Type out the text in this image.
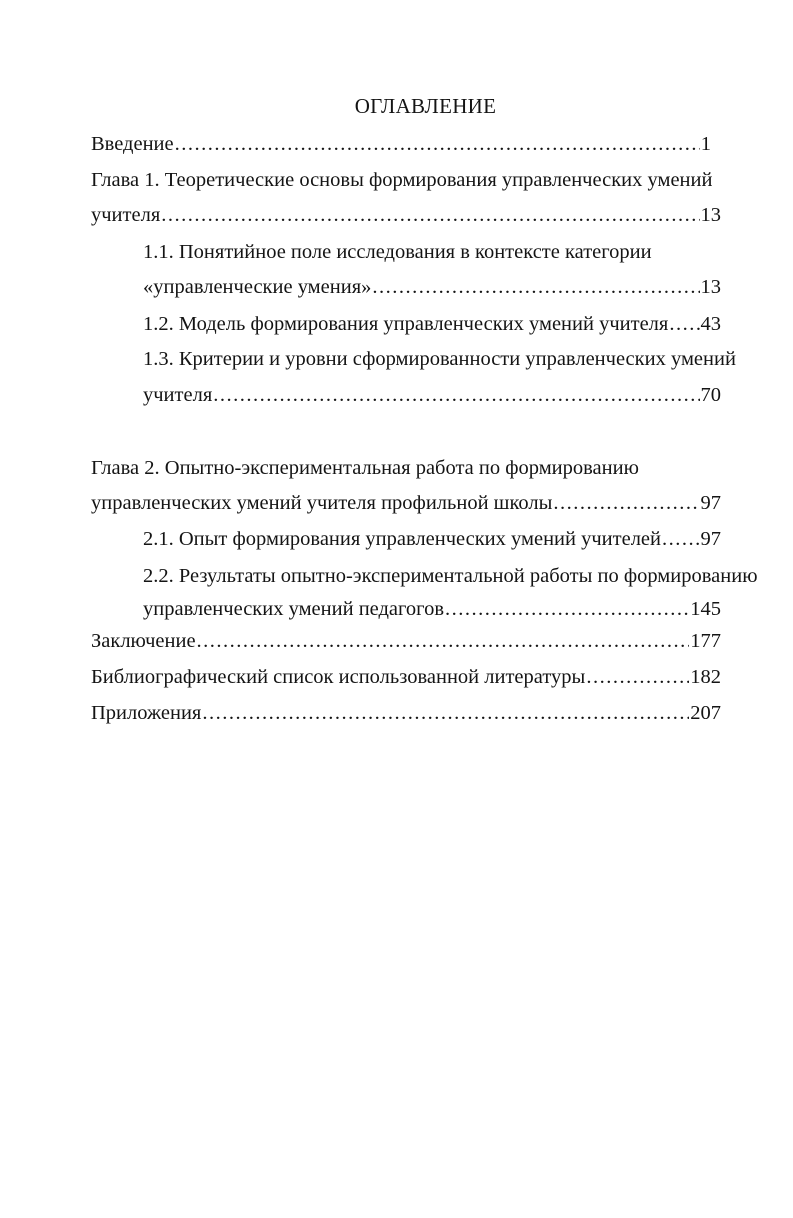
ОГЛАВЛЕНИЕ
Введение .....	1
Глава 1. Теоретические основы формирования управленческих умений
учителя .....	13
1.1. Понятийное поле исследования в контексте категории
«управленческие умения» .....	13
1.2. Модель формирования управленческих умений учителя ..... 43
1.3. Критерии и уровни сформированности управленческих умений
учителя .....	70
Глава 2. Опытно-экспериментальная работа по формированию
управленческих умений учителя профильной школы .....	97
2.1. Опыт формирования управленческих умений учителей ..... 97
2.2. Результаты опытно-экспериментальной работы по формированию
управленческих умений педагогов .....	145
Заключение .....	177
Библиографический список использованной литературы .....	182
Приложения .....	207
